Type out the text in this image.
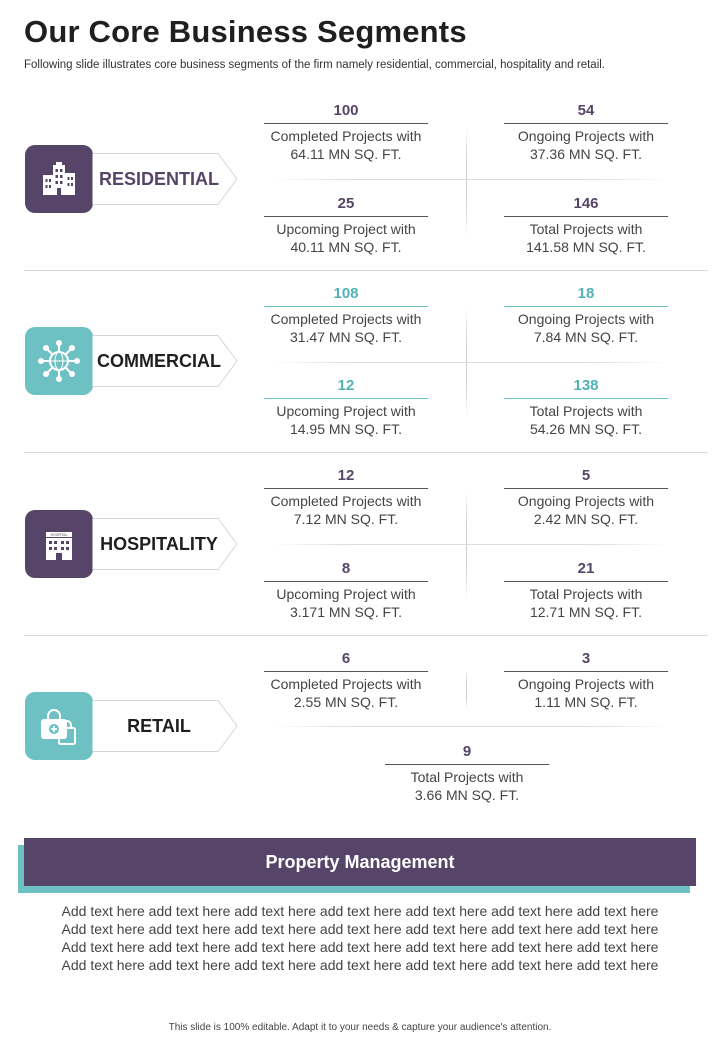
Our Core Business Segments
Following slide illustrates core business segments of the firm namely residential, commercial, hospitality and retail.
RESIDENTIAL
100
Completed Projects with
64.11 MN SQ. FT.
54
Ongoing Projects with
37.36 MN SQ. FT.
25
Upcoming Project with
40.11 MN SQ. FT.
146
Total Projects with
141.58 MN SQ. FT.
COMMERCIAL
108
Completed Projects with
31.47 MN SQ. FT.
18
Ongoing Projects with
7.84 MN SQ. FT.
12
Upcoming Project with
14.95 MN SQ. FT.
138
Total Projects with
54.26 MN SQ. FT.
HOSPITAL	HOSPITALITY
12
Completed Projects with
7.12 MN SQ. FT.
5
Ongoing Projects with
2.42 MN SQ. FT.
8
Upcoming Project with
3.171 MN SQ. FT.
21
Total Projects with
12.71 MN SQ. FT.
RETAIL
6
Completed Projects with
2.55 MN SQ. FT.
3
Ongoing Projects with
1.11 MN SQ. FT.
9
Total Projects with
3.66 MN SQ. FT.
Property Management
Add text here add text here add text here add text here add text here add text here add text here
Add text here add text here add text here add text here add text here add text here add text here
Add text here add text here add text here add text here add text here add text here add text here
Add text here add text here add text here add text here add text here add text here add text here
This slide is 100% editable. Adapt it to your needs & capture your audience's attention.
